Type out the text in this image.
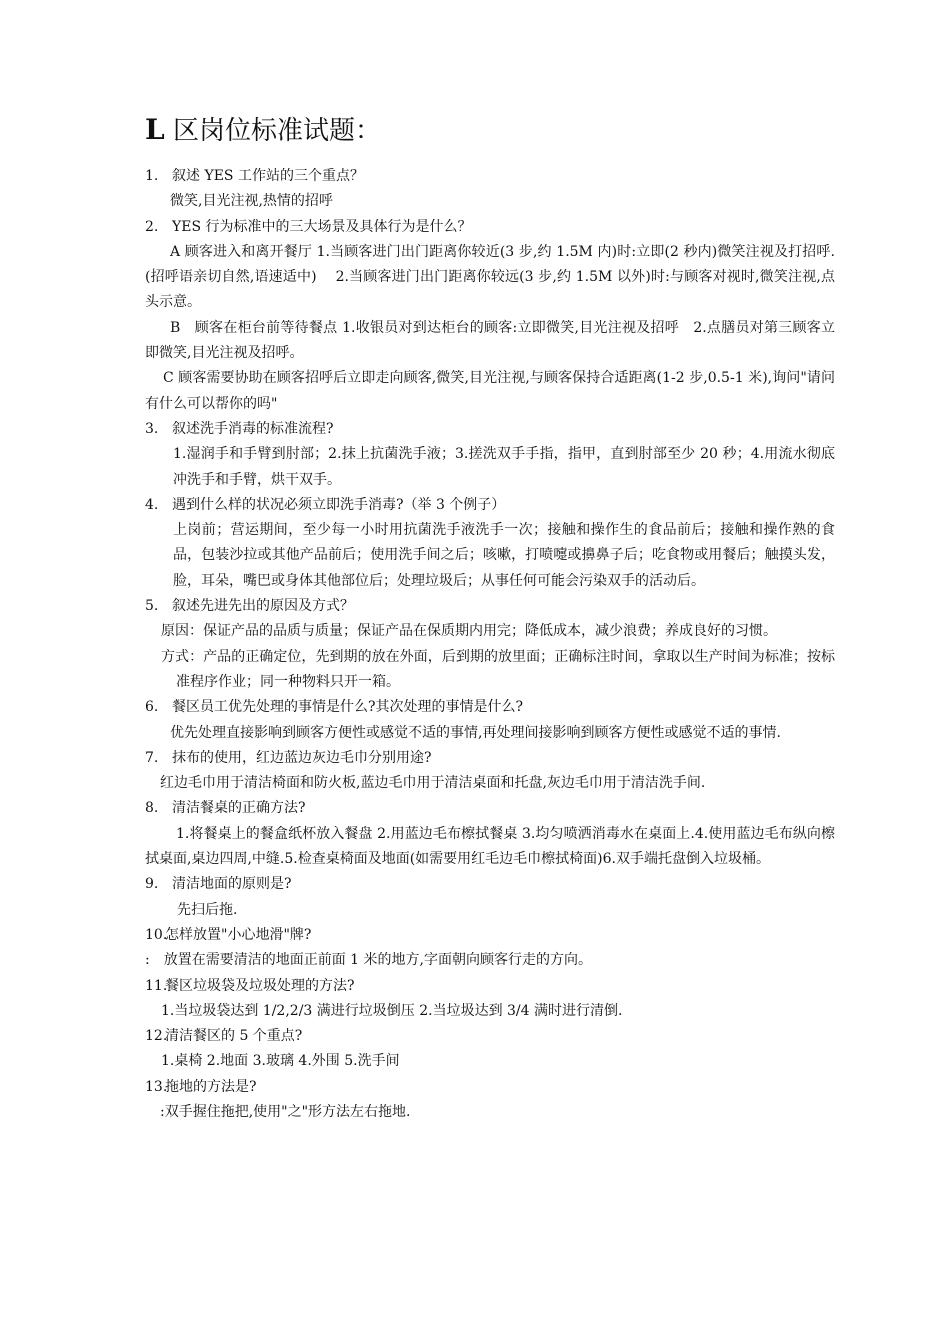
L 区岗位标准试题：
1. 叙述 YES 工作站的三个重点？
微笑,目光注视,热情的招呼
2. YES 行为标准中的三大场景及具体行为是什么？
A 顾客进入和离开餐厅 1.当顾客进门出门距离你较近(3 步,约 1.5M 内)时:立即(2 秒内)微笑注视及打招呼.(招呼语亲切自然,语速适中)　 2.当顾客进门出门距离你较远(3 步,约 1.5M 以外)时:与顾客对视时,微笑注视,点头示意。
B　顾客在柜台前等待餐点 1.收银员对到达柜台的顾客:立即微笑,目光注视及招呼　2.点膳员对第三顾客立即微笑,目光注视及招呼。
C 顾客需要协助在顾客招呼后立即走向顾客,微笑,目光注视,与顾客保持合适距离(1-2 步,0.5-1 米),询问"请问有什么可以帮你的吗"
3. 叙述洗手消毒的标准流程?
1.湿润手和手臂到肘部；2.抹上抗菌洗手液；3.搓洗双手手指，指甲，直到肘部至少 20 秒；4.用流水彻底冲洗手和手臂，烘干双手。
4. 遇到什么样的状况必须立即洗手消毒?（举 3 个例子）
上岗前；营运期间，至少每一小时用抗菌洗手液洗手一次；接触和操作生的食品前后；接触和操作熟的食品，包装沙拉或其他产品前后；使用洗手间之后；咳嗽，打喷嚏或擤鼻子后；吃食物或用餐后；触摸头发，脸，耳朵，嘴巴或身体其他部位后；处理垃圾后；从事任何可能会污染双手的活动后。
5. 叙述先进先出的原因及方式？
原因：保证产品的品质与质量；保证产品在保质期内用完；降低成本，减少浪费；养成良好的习惯。
方式：产品的正确定位，先到期的放在外面，后到期的放里面；正确标注时间，拿取以生产时间为标准；按标准程序作业；同一种物料只开一箱。
6. 餐区员工优先处理的事情是什么?其次处理的事情是什么?
优先处理直接影响到顾客方便性或感觉不适的事情,再处理间接影响到顾客方便性或感觉不适的事情.
7. 抹布的使用，红边蓝边灰边毛巾分别用途?
红边毛巾用于清洁椅面和防火板,蓝边毛巾用于清洁桌面和托盘,灰边毛巾用于清洁洗手间.
8. 清洁餐桌的正确方法?
1.将餐桌上的餐盒纸杯放入餐盘 2.用蓝边毛布檫拭餐桌 3.均匀喷洒消毒水在桌面上.4.使用蓝边毛布纵向檫拭桌面,桌边四周,中缝.5.检查桌椅面及地面(如需要用红毛边毛巾檫拭椅面)6.双手端托盘倒入垃圾桶。
9. 清洁地面的原则是?
先扫后拖.
10.怎样放置"小心地滑"牌?
:　放置在需要清洁的地面正前面 1 米的地方,字面朝向顾客行走的方向。
11.餐区垃圾袋及垃圾处理的方法?
1.当垃圾袋达到 1/2,2/3 满进行垃圾倒压 2.当垃圾达到 3/4 满时进行清倒.
12.清洁餐区的 5 个重点?
1.桌椅 2.地面 3.玻璃 4.外围 5.洗手间
13.拖地的方法是?
:双手握住拖把,使用"之"形方法左右拖地.
